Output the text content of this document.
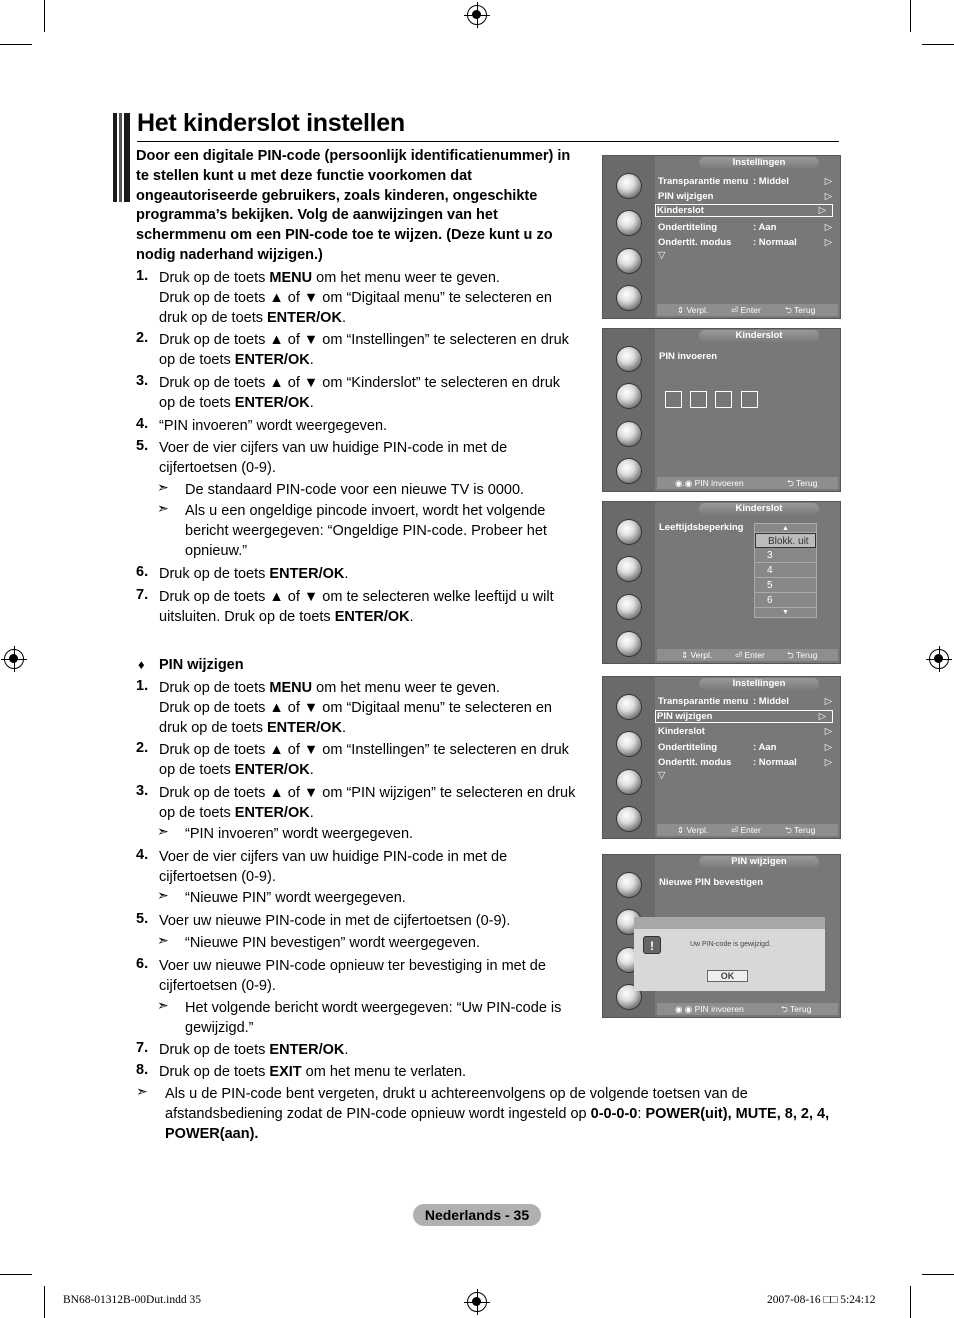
Het kinderslot instellen
Door een digitale PIN-code (persoonlijk identificatienummer) in te stellen kunt u met deze functie voorkomen dat ongeautoriseerde gebruikers, zoals kinderen, ongeschikte programma’s bekijken. Volg de aanwijzingen van het schermmenu om een PIN-code toe te wijzen. (Deze kunt u zo nodig naderhand wijzigen.)
1. Druk op de toets MENU om het menu weer te geven.
Druk op de toets ▲ of ▼ om “Digitaal menu” te selecteren en
druk op de toets ENTER/OK.
2. Druk op de toets ▲ of ▼ om “Instellingen” te selecteren en druk
op de toets ENTER/OK.
3. Druk op de toets ▲ of ▼ om “Kinderslot” te selecteren en druk
op de toets ENTER/OK.
4. “PIN invoeren” wordt weergegeven.
5. Voer de vier cijfers van uw huidige PIN-code in met de
cijfertoetsen (0-9).
➣ De standaard PIN-code voor een nieuwe TV is 0000.
➣ Als u een ongeldige pincode invoert, wordt het volgende bericht weergegeven: “Ongeldige PIN-code. Probeer het opnieuw.”
6. Druk op de toets ENTER/OK.
7. Druk op de toets ▲ of ▼ om te selecteren welke leeftijd u wilt
uitsluiten. Druk op de toets ENTER/OK.
♦ PIN wijzigen
1. Druk op de toets MENU om het menu weer te geven.
Druk op de toets ▲ of ▼ om “Digitaal menu” te selecteren en
druk op de toets ENTER/OK.
2. Druk op de toets ▲ of ▼ om “Instellingen” te selecteren en druk
op de toets ENTER/OK.
3. Druk op de toets ▲ of ▼ om “PIN wijzigen” te selecteren en druk
op de toets ENTER/OK.
➣ “PIN invoeren” wordt weergegeven.
4. Voer de vier cijfers van uw huidige PIN-code in met de
cijfertoetsen (0-9).
➣ “Nieuwe PIN” wordt weergegeven.
5. Voer uw nieuwe PIN-code in met de cijfertoetsen (0-9).
➣ “Nieuwe PIN bevestigen” wordt weergegeven.
6. Voer uw nieuwe PIN-code opnieuw ter bevestiging in met de
cijfertoetsen (0-9).
➣ Het volgende bericht wordt weergegeven: “Uw PIN-code is gewijzigd.”
7. Druk op de toets ENTER/OK.
8. Druk op de toets EXIT om het menu te verlaten.
➣ Als u de PIN-code bent vergeten, drukt u achtereenvolgens op de volgende toetsen van de afstandsbediening zodat de PIN-code opnieuw wordt ingesteld op 0-0-0-0: POWER(uit), MUTE, 8, 2, 4, POWER(aan).
Instellingen
Transparantie menu : Middel	▷
PIN wijzigen	▷
Kinderslot	▷
Ondertiteling	: Aan	▷
Ondertit. modus : Normaal	▷
▽
⇕ Verpl.	⏎ Enter	⮌ Terug
Kinderslot
PIN invoeren
◉.◉ PIN invoeren	⮌ Terug
Kinderslot
Leeftijdsbeperking
⇕ Verpl.	⏎ Enter	⮌ Terug
▲
Blokk. uit
3
4
5
6
▼
Instellingen
Transparantie menu : Middel	▷
PIN wijzigen	▷
Kinderslot	▷
Ondertiteling	: Aan	▷
Ondertit. modus : Normaal	▷
▽
⇕ Verpl.	⏎ Enter	⮌ Terug
PIN wijzigen
Nieuwe PIN bevestigen
◉ ◉ PIN invoeren	⮌ Terug
!	Uw PIN-code is gewijzigd.
OK
Nederlands - 35
BN68-01312B-00Dut.indd 35	2007-08-16 □□ 5:24:12
